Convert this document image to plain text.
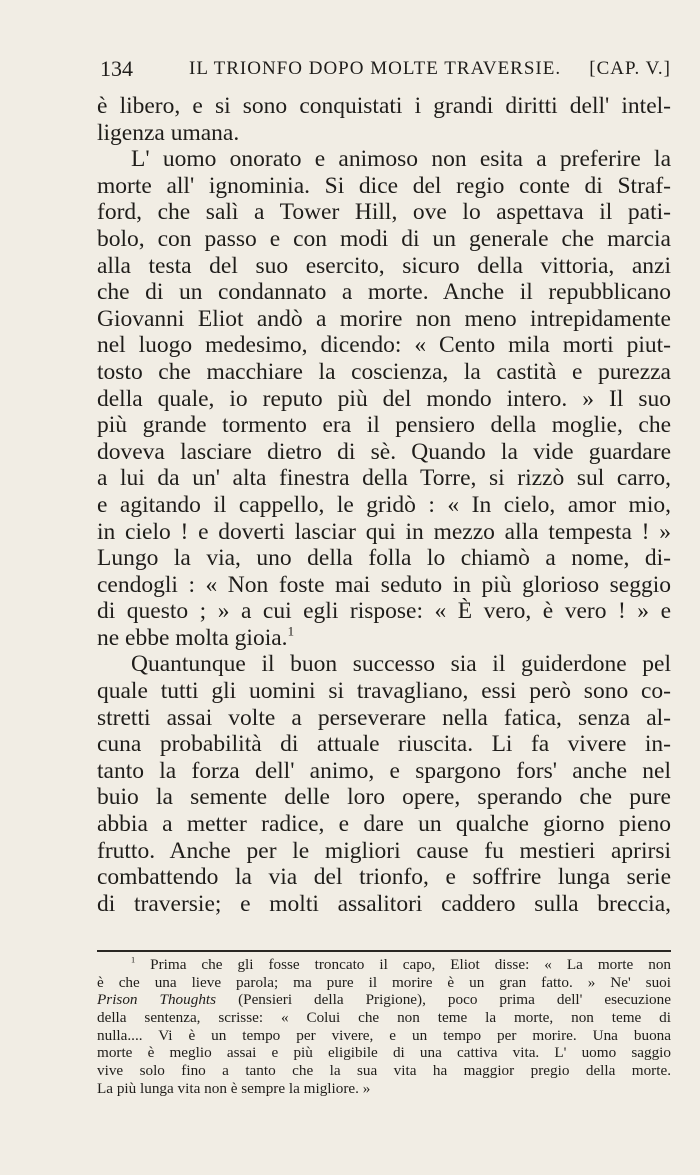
134	IL TRIONFO DOPO MOLTE TRAVERSIE. [CAP. V.]
è libero, e si sono conquistati i grandi diritti dell' intel-
ligenza umana.
L' uomo onorato e animoso non esita a preferire la
morte all' ignominia. Si dice del regio conte di Straf-
ford, che salì a Tower Hill, ove lo aspettava il pati-
bolo, con passo e con modi di un generale che marcia
alla testa del suo esercito, sicuro della vittoria, anzi
che di un condannato a morte. Anche il repubblicano
Giovanni Eliot andò a morire non meno intrepidamente
nel luogo medesimo, dicendo: « Cento mila morti piut-
tosto che macchiare la coscienza, la castità e purezza
della quale, io reputo più del mondo intero. » Il suo
più grande tormento era il pensiero della moglie, che
doveva lasciare dietro di sè. Quando la vide guardare
a lui da un' alta finestra della Torre, si rizzò sul carro,
e agitando il cappello, le gridò : « In cielo, amor mio,
in cielo ! e doverti lasciar qui in mezzo alla tempesta ! »
Lungo la via, uno della folla lo chiamò a nome, di-
cendogli : « Non foste mai seduto in più glorioso seggio
di questo ; » a cui egli rispose: « È vero, è vero ! » e
ne ebbe molta gioia.$^1$
Quantunque il buon successo sia il guiderdone pel
quale tutti gli uomini si travagliano, essi però sono co-
stretti assai volte a perseverare nella fatica, senza al-
cuna probabilità di attuale riuscita. Li fa vivere in-
tanto la forza dell' animo, e spargono fors' anche nel
buio la semente delle loro opere, sperando che pure
abbia a metter radice, e dare un qualche giorno pieno
frutto. Anche per le migliori cause fu mestieri aprirsi
combattendo la via del trionfo, e soffrire lunga serie
di traversie; e molti assalitori caddero sulla breccia,
$^1$ Prima che gli fosse troncato il capo, Eliot disse: « La morte non
è che una lieve parola; ma pure il morire è un gran fatto. » Ne' suoi
Prison Thoughts (Pensieri della Prigione), poco prima dell' esecuzione
della sentenza, scrisse: « Colui che non teme la morte, non teme di
nulla.... Vi è un tempo per vivere, e un tempo per morire. Una buona
morte è meglio assai e più eligibile di una cattiva vita. L' uomo saggio
vive solo fino a tanto che la sua vita ha maggior pregio della morte.
La più lunga vita non è sempre la migliore. »
